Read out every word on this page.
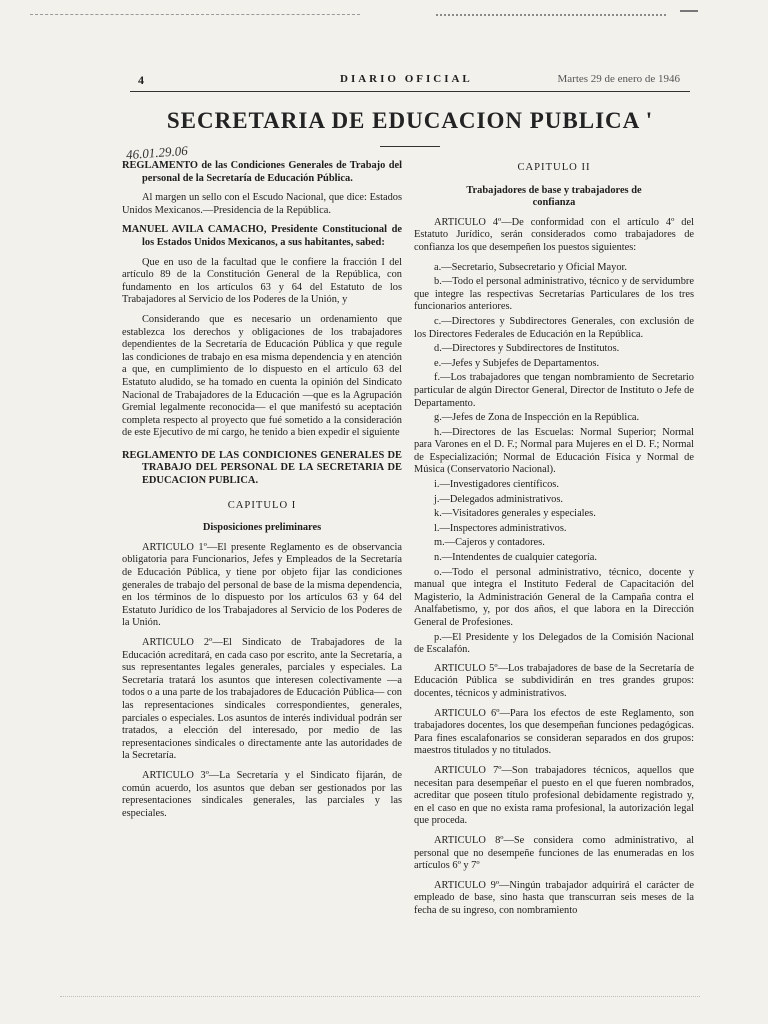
4	DIARIO OFICIAL	Martes 29 de enero de 1946
SECRETARIA DE EDUCACION PUBLICA '
46.01.29.06

REGLAMENTO de las Condiciones Generales de Trabajo del personal de la Secretaría de Educación Pública.

Al margen un sello con el Escudo Nacional, que dice: Estados Unidos Mexicanos.—Presidencia de la República.

MANUEL AVILA CAMACHO, Presidente Constitucional de los Estados Unidos Mexicanos, a sus habitantes, sabed:

Que en uso de la facultad que le confiere la fracción I del artículo 89 de la Constitución General de la República, con fundamento en los artículos 63 y 64 del Estatuto de los Trabajadores al Servicio de los Poderes de la Unión, y

Considerando que es necesario un ordenamiento que establezca los derechos y obligaciones de los trabajadores dependientes de la Secretaría de Educación Pública y que regule las condiciones de trabajo en esa misma dependencia y en atención a que, en cumplimiento de lo dispuesto en el artículo 63 del Estatuto aludido, se ha tomado en cuenta la opinión del Sindicato Nacional de Trabajadores de la Educación —que es la Agrupación Gremial legalmente reconocida— el que manifestó su aceptación completa respecto al proyecto que fué sometido a la consideración de este Ejecutivo de mí cargo, he tenido a bien expedir el siguiente

REGLAMENTO DE LAS CONDICIONES GENERALES DE TRABAJO DEL PERSONAL DE LA SECRETARIA DE EDUCACION PUBLICA.

CAPITULO I

Disposiciones preliminares

ARTICULO 1º—El presente Reglamento es de observancia obligatoria para Funcionarios, Jefes y Empleados de la Secretaría de Educación Pública, y tiene por objeto fijar las condiciones generales de trabajo del personal de base de la misma dependencia, en los términos de lo dispuesto por los artículos 63 y 64 del Estatuto Jurídico de los Trabajadores al Servicio de los Poderes de la Unión.

ARTICULO 2º—El Sindicato de Trabajadores de la Educación acreditará, en cada caso por escrito, ante la Secretaría, a sus representantes legales generales, parciales y especiales. La Secretaría tratará los asuntos que interesen colectivamente —a todos o a una parte de los trabajadores de Educación Pública— con las representaciones sindicales correspondientes, generales, parciales o especiales. Los asuntos de interés individual podrán ser tratados, a elección del interesado, por medio de las representaciones sindicales o directamente ante las autoridades de la Secretaría.

ARTICULO 3º—La Secretaría y el Sindicato fijarán, de común acuerdo, los asuntos que deban ser gestionados por las representaciones sindicales generales, las parciales y las especiales.

CAPITULO II

Trabajadores de base y trabajadores de confianza

ARTICULO 4º—De conformidad con el artículo 4º del Estatuto Jurídico, serán considerados como trabajadores de confianza los que desempeñen los puestos siguientes:

a.—Secretario, Subsecretario y Oficial Mayor.

b.—Todo el personal administrativo, técnico y de servidumbre que integre las respectivas Secretarías Particulares de los tres funcionarios anteriores.

c.—Directores y Subdirectores Generales, con exclusión de los Directores Federales de Educación en la República.

d.—Directores y Subdirectores de Institutos.

e.—Jefes y Subjefes de Departamentos.

f.—Los trabajadores que tengan nombramiento de Secretario particular de algún Director General, Director de Instituto o Jefe de Departamento.

g.—Jefes de Zona de Inspección en la República.

h.—Directores de las Escuelas: Normal Superior; Normal para Varones en el D. F.; Normal para Mujeres en el D. F.; Normal de Especialización; Normal de Educación Física y Normal de Música (Conservatorio Nacional).

i.—Investigadores científicos.

j.—Delegados administrativos.

k.—Visitadores generales y especiales.

l.—Inspectores administrativos.

m.—Cajeros y contadores.

n.—Intendentes de cualquier categoría.

o.—Todo el personal administrativo, técnico, docente y manual que integra el Instituto Federal de Capacitación del Magisterio, la Administración General de la Campaña contra el Analfabetismo, y, por dos años, el que labora en la Dirección General de Profesiones.

p.—El Presidente y los Delegados de la Comisión Nacional de Escalafón.

ARTICULO 5º—Los trabajadores de base de la Secretaría de Educación Pública se subdividirán en tres grandes grupos: docentes, técnicos y administrativos.

ARTICULO 6º—Para los efectos de este Reglamento, son trabajadores docentes, los que desempeñan funciones pedagógicas. Para fines escalafonarios se consideran separados en dos grupos: maestros titulados y no titulados.

ARTICULO 7º—Son trabajadores técnicos, aquellos que necesitan para desempeñar el puesto en el que fueren nombrados, acreditar que poseen título profesional debidamente registrado y, en el caso en que no exista rama profesional, la autorización legal que proceda.

ARTICULO 8º—Se considera como administrativo, al personal que no desempeñe funciones de las enumeradas en los artículos 6º y 7º

ARTICULO 9º—Ningún trabajador adquirirá el carácter de empleado de base, sino hasta que transcurran seis meses de la fecha de su ingreso, con nombramiento
